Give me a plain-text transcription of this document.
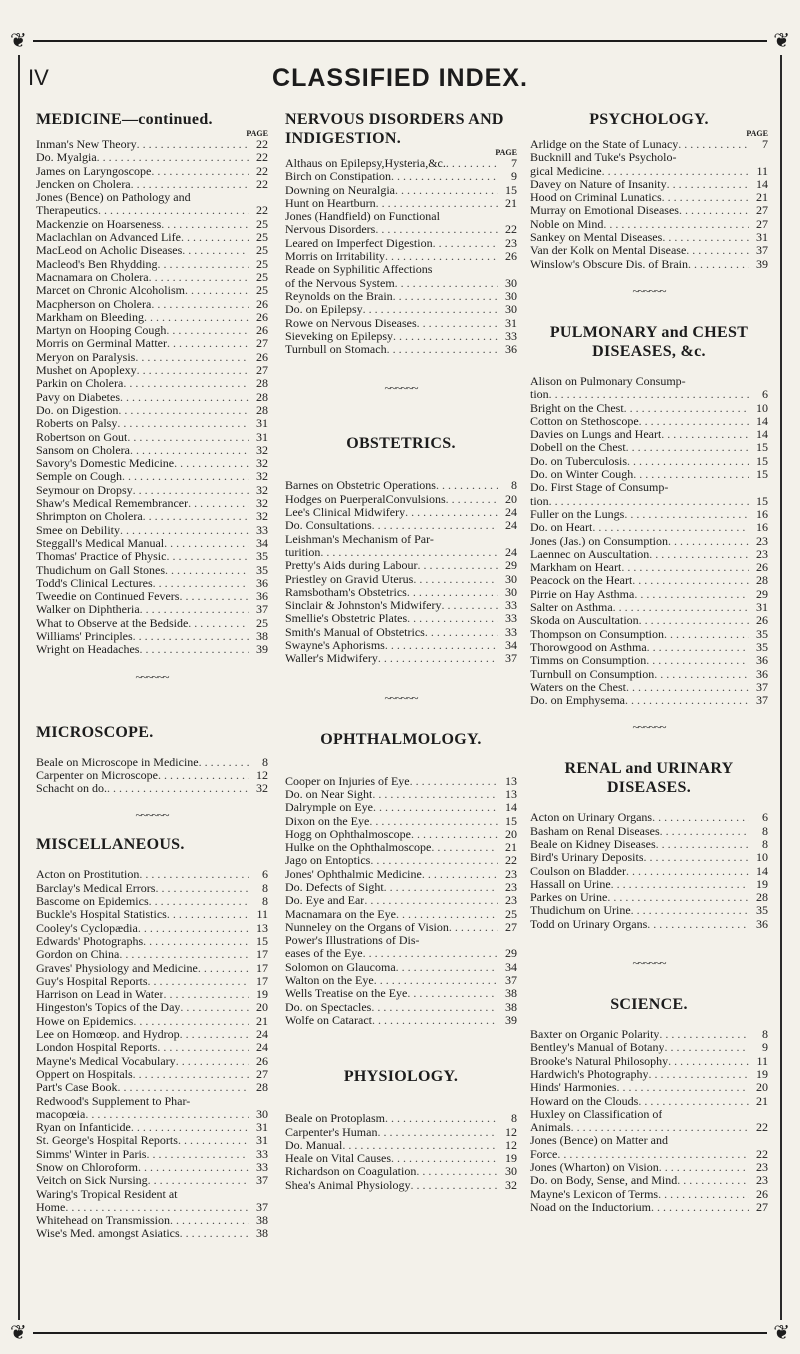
❦	❦
❦	❦
IV	CLASSIFIED INDEX.
MEDICINE—continued.
PAGE
Inman's New Theory . . .	22
Do. Myalgia . . .	22
James on Laryngoscope . . .	22
Jencken on Cholera . . .	22
Jones (Bence) on Pathology and
Therapeutics . . .	22
Mackenzie on Hoarseness . . .	25
Maclachlan on Advanced Life . . .	25
MacLeod on Acholic Diseases . . .	25
Macleod's Ben Rhydding . . .	25
Macnamara on Cholera . . .	25
Marcet on Chronic Alcoholism . . .	25
Macpherson on Cholera . . .	26
Markham on Bleeding . . .	26
Martyn on Hooping Cough . . .	26
Morris on Germinal Matter . . .	27
Meryon on Paralysis . . .	26
Mushet on Apoplexy . . .	27
Parkin on Cholera . . .	28
Pavy on Diabetes . . .	28
Do. on Digestion . . .	28
Roberts on Palsy . . .	31
Robertson on Gout . . .	31
Sansom on Cholera . . .	32
Savory's Domestic Medicine . . .	32
Semple on Cough . . .	32
Seymour on Dropsy . . .	32
Shaw's Medical Remembrancer . . .	32
Shrimpton on Cholera . . .	32
Smee on Debility . . .	33
Steggall's Medical Manual . . .	34
Thomas' Practice of Physic . . .	35
Thudichum on Gall Stones . . .	35
Todd's Clinical Lectures . . .	36
Tweedie on Continued Fevers . . .	36
Walker on Diphtheria . . .	37
What to Observe at the Bedside . . .	25
Williams' Principles . . .	38
Wright on Headaches . . .	39
~~~~~~
MICROSCOPE.
Beale on Microscope in Medicine . . .	8
Carpenter on Microscope . . .	12
Schacht on do. . . .	32
~~~~~~
MISCELLANEOUS.
Acton on Prostitution . . .	6
Barclay's Medical Errors . . .	8
Bascome on Epidemics . . .	8
Buckle's Hospital Statistics . . .	11
Cooley's Cyclopædia . . .	13
Edwards' Photographs . . .	15
Gordon on China . . .	17
Graves' Physiology and Medicine . . .	17
Guy's Hospital Reports . . .	17
Harrison on Lead in Water . . .	19
Hingeston's Topics of the Day . . .	20
Howe on Epidemics . . .	21
Lee on Homœop. and Hydrop . . .	24
London Hospital Reports . . .	24
Mayne's Medical Vocabulary . . .	26
Oppert on Hospitals . . .	27
Part's Case Book . . .	28
Redwood's Supplement to Phar-
macopœia . . .	30
Ryan on Infanticide . . .	31
St. George's Hospital Reports . . .	31
Simms' Winter in Paris . . .	33
Snow on Chloroform . . .	33
Veitch on Sick Nursing . . .	37
Waring's Tropical Resident at
Home . . .	37
Whitehead on Transmission . . .	38
Wise's Med. amongst Asiatics . . .	38
NERVOUS DISORDERS AND INDIGESTION.
PAGE
Althaus on Epilepsy,Hysteria,&c. . . .	7
Birch on Constipation . . .	9
Downing on Neuralgia . . .	15
Hunt on Heartburn . . .	21
Jones (Handfield) on Functional
Nervous Disorders . . .	22
Leared on Imperfect Digestion . . .	23
Morris on Irritability . . .	26
Reade on Syphilitic Affections
of the Nervous System . . .	30
Reynolds on the Brain . . .	30
Do. on Epilepsy . . .	30
Rowe on Nervous Diseases . . .	31
Sieveking on Epilepsy . . .	33
Turnbull on Stomach . . .	36
~~~~~~
OBSTETRICS.
Barnes on Obstetric Operations . . .	8
Hodges on PuerperalConvulsions . . .	20
Lee's Clinical Midwifery . . .	24
Do. Consultations . . .	24
Leishman's Mechanism of Par-
turition . . .	24
Pretty's Aids during Labour . . .	29
Priestley on Gravid Uterus . . .	30
Ramsbotham's Obstetrics . . .	30
Sinclair & Johnston's Midwifery . . .	33
Smellie's Obstetric Plates . . .	33
Smith's Manual of Obstetrics . . .	33
Swayne's Aphorisms . . .	34
Waller's Midwifery . . .	37
~~~~~~
OPHTHALMOLOGY.
Cooper on Injuries of Eye . . .	13
Do. on Near Sight . . .	13
Dalrymple on Eye . . .	14
Dixon on the Eye . . .	15
Hogg on Ophthalmoscope . . .	20
Hulke on the Ophthalmoscope . . .	21
Jago on Entoptics . . .	22
Jones' Ophthalmic Medicine . . .	23
Do. Defects of Sight . . .	23
Do. Eye and Ear . . .	23
Macnamara on the Eye . . .	25
Nunneley on the Organs of Vision . . .	27
Power's Illustrations of Dis-
eases of the Eye . . .	29
Solomon on Glaucoma . . .	34
Walton on the Eye . . .	37
Wells Treatise on the Eye . . .	38
Do. on Spectacles . . .	38
Wolfe on Cataract . . .	39
PHYSIOLOGY.
Beale on Protoplasm . . .	8
Carpenter's Human . . .	12
Do. Manual . . .	12
Heale on Vital Causes . . .	19
Richardson on Coagulation . . .	30
Shea's Animal Physiology . . .	32
PSYCHOLOGY.
PAGE
Arlidge on the State of Lunacy . . .	7
Bucknill and Tuke's Psycholo-
gical Medicine . . .	11
Davey on Nature of Insanity . . .	14
Hood on Criminal Lunatics . . .	21
Murray on Emotional Diseases . . .	27
Noble on Mind . . .	27
Sankey on Mental Diseases . . .	31
Van der Kolk on Mental Disease . . .	37
Winslow's Obscure Dis. of Brain . . .	39
~~~~~~
PULMONARY and CHEST DISEASES, &c.
Alison on Pulmonary Consump-
tion . . .	6
Bright on the Chest . . .	10
Cotton on Stethoscope . . .	14
Davies on Lungs and Heart . . .	14
Dobell on the Chest . . .	15
Do. on Tuberculosis . . .	15
Do. on Winter Cough . . .	15
Do. First Stage of Consump-
tion . . .	15
Fuller on the Lungs . . .	16
Do. on Heart . . .	16
Jones (Jas.) on Consumption . . .	23
Laennec on Auscultation . . .	23
Markham on Heart . . .	26
Peacock on the Heart . . .	28
Pirrie on Hay Asthma . . .	29
Salter on Asthma . . .	31
Skoda on Auscultation . . .	26
Thompson on Consumption . . .	35
Thorowgood on Asthma . . .	35
Timms on Consumption . . .	36
Turnbull on Consumption . . .	36
Waters on the Chest . . .	37
Do. on Emphysema . . .	37
~~~~~~
RENAL and URINARY DISEASES.
Acton on Urinary Organs . . .	6
Basham on Renal Diseases . . .	8
Beale on Kidney Diseases . . .	8
Bird's Urinary Deposits . . .	10
Coulson on Bladder . . .	14
Hassall on Urine . . .	19
Parkes on Urine . . .	28
Thudichum on Urine . . .	35
Todd on Urinary Organs . . .	36
~~~~~~
SCIENCE.
Baxter on Organic Polarity . . .	8
Bentley's Manual of Botany . . .	9
Brooke's Natural Philosophy . . .	11
Hardwich's Photography . . .	19
Hinds' Harmonies . . .	20
Howard on the Clouds . . .	21
Huxley on Classification of
Animals . . .	22
Jones (Bence) on Matter and
Force . . .	22
Jones (Wharton) on Vision . . .	23
Do. on Body, Sense, and Mind . . .	23
Mayne's Lexicon of Terms . . .	26
Noad on the Inductorium . . .	27
